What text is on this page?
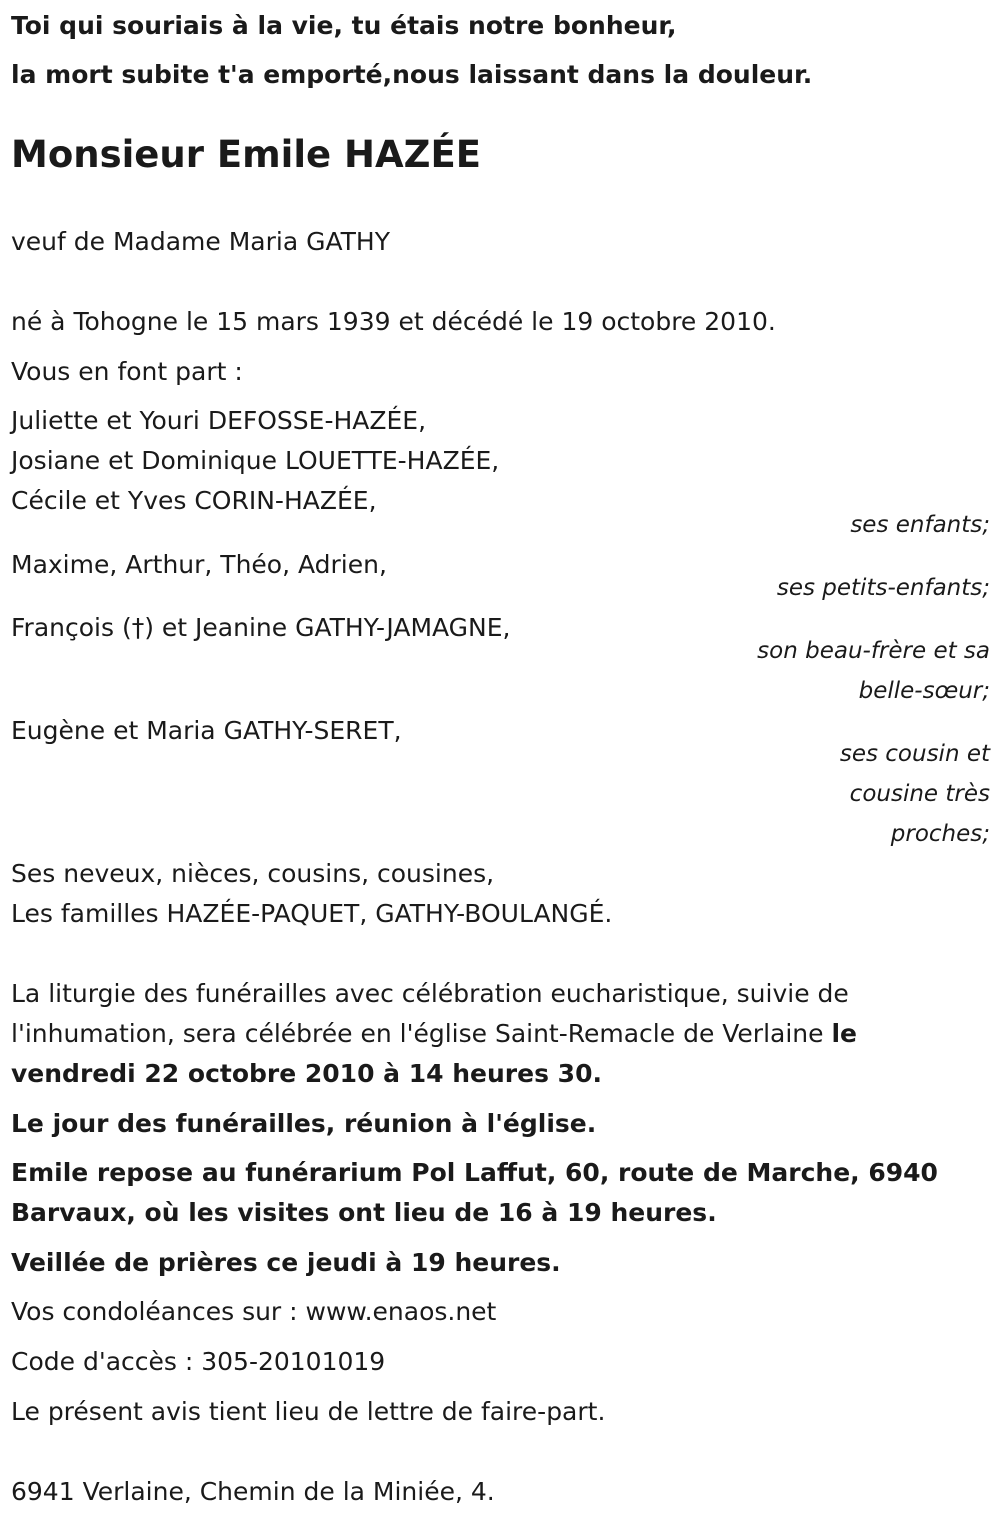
Toi qui souriais à la vie, tu étais notre bonheur,

la mort subite t'a emporté,nous laissant dans la douleur.

Monsieur Emile HAZÉE

veuf de Madame Maria GATHY

né à Tohogne le 15 mars 1939 et décédé le 19 octobre 2010.

Vous en font part :

Juliette et Youri DEFOSSE-HAZÉE,

Josiane et Dominique LOUETTE-HAZÉE,

Cécile et Yves CORIN-HAZÉE,

ses enfants;

Maxime, Arthur, Théo, Adrien,

ses petits-enfants;

François (†) et Jeanine GATHY-JAMAGNE,

son beau-frère et sa

belle-sœur;

Eugène et Maria GATHY-SERET,

ses cousin et

cousine très

proches;

Ses neveux, nièces, cousins, cousines,

Les familles HAZÉE-PAQUET, GATHY-BOULANGÉ.

La liturgie des funérailles avec célébration eucharistique, suivie de

l'inhumation, sera célébrée en l'église Saint-Remacle de Verlaine le

vendredi 22 octobre 2010 à 14 heures 30.

Le jour des funérailles, réunion à l'église.

Emile repose au funérarium Pol Laffut, 60, route de Marche, 6940

Barvaux, où les visites ont lieu de 16 à 19 heures.

Veillée de prières ce jeudi à 19 heures.

Vos condoléances sur : www.enaos.net

Code d'accès : 305-20101019

Le présent avis tient lieu de lettre de faire-part.

6941 Verlaine, Chemin de la Miniée, 4.
